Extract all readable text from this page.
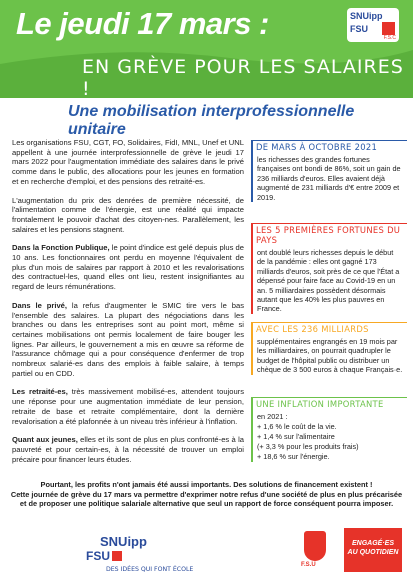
Le jeudi 17 mars :
EN GRÈVE POUR LES SALAIRES !
SNUipp
FSU
F.S.C
Une mobilisation interprofessionnelle unitaire

Les organisations FSU, CGT, FO, Solidaires, FidI, MNL, Unef et UNL appellent à une journée interprofessionnelle de grève le jeudi 17 mars 2022 pour l'augmentation immédiate des salaires dans le privé comme dans le public, des allocations pour les jeunes en formation et en recherche d'emploi, et des pensions des retraité-es.

L'augmentation du prix des denrées de première nécessité, de l'alimentation comme de l'énergie, est une réalité qui impacte frontalement le pouvoir d'achat des citoyen-nes. Parallèlement, les salaires et les pensions stagnent.

Dans la Fonction Publique, le point d'indice est gelé depuis plus de 10 ans. Les fonctionnaires ont perdu en moyenne l'équivalent de plus d'un mois de salaires par rapport à 2010 et les revalorisations des contractuel-les, quand elles ont lieu, restent insignifiantes au regard de leurs rémunérations.

Dans le privé, la refus d'augmenter le SMIC tire vers le bas l'ensemble des salaires. La plupart des négociations dans les branches ou dans les entreprises sont au point mort, même si certaines mobilisations ont permis localement de faire bouger les lignes. Par ailleurs, le gouvernement a mis en œuvre sa réforme de l'assurance chômage qui a pour conséquence d'enfermer de trop nombreux salarié-es dans des emplois à faible salaire, à temps partiel ou en CDD.

Les retraité-es, très massivement mobilisé-es, attendent toujours une réponse pour une augmentation immédiate de leur pension, retraite de base et retraite complémentaire, dont la dernière revalorisation a été plafonnée à un niveau très inférieur à l'inflation.

Quant aux jeunes, elles et ils sont de plus en plus confronté-es à la pauvreté et pour certain-es, à la nécessité de trouver un emploi précaire pour financer leurs études.

DE MARS À OCTOBRE 2021
les richesses des grandes fortunes françaises ont bondi de 86%, soit un gain de 236 milliards d'euros. Elles avaient déjà augmenté de 231 milliards d'€ entre 2009 et 2019.
LES 5 PREMIÈRES FORTUNES DU PAYS
ont doublé leurs richesses depuis le début de la pandémie : elles ont gagné 173 milliards d'euros, soit près de ce que l'État a dépensé pour faire face au Covid-19 en un an. 5 milliardaires possèdent désormais autant que les 40% les plus pauvres en France.
AVEC LES 236 MILLIARDS
supplémentaires engrangés en 19 mois par les milliardaires, on pourrait quadrupler le budget de l'hôpital public ou distribuer un chèque de 3 500 euros à chaque Français·e.
UNE INFLATION IMPORTANTE
en 2021 :
+ 1,6 % le coût de la vie.
+ 1,4 % sur l'alimentaire
(+ 3,3 % pour les produits frais)
+ 18,6 % sur l'énergie.
Pourtant, les profits n'ont jamais été aussi importants. Des solutions de financement existent !
Cette journée de grève du 17 mars va permettre d'exprimer notre refus d'une société de plus en plus précarisée et de proposer une politique salariale alternative que seul un rapport de force conséquent pourra imposer.
SNUipp
FSU
DES IDÉES QUI FONT ÉCOLE
F.S.U
ENGAGÉ·ES
AU QUOTIDIEN
